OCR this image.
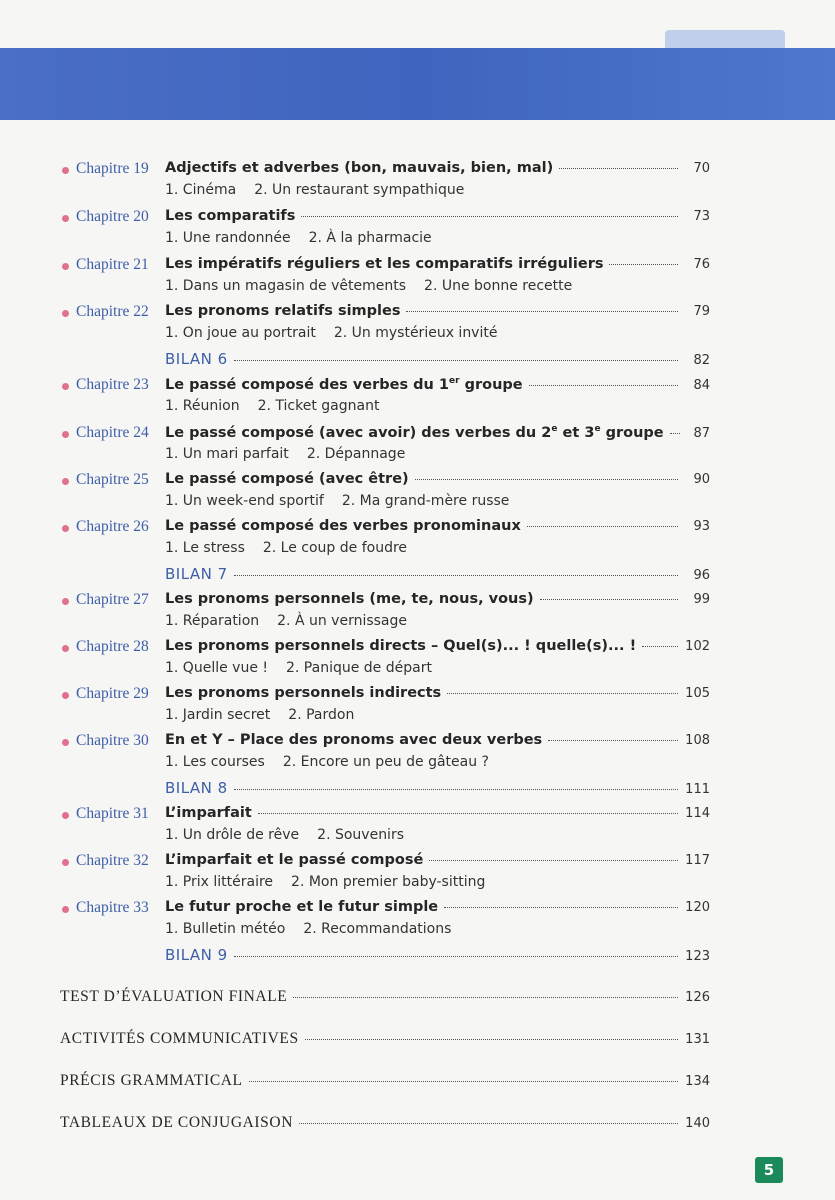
Chapitre 19 Adjectifs et adverbes (bon, mauvais, bien, mal)	70
1. Cinéma 2. Un restaurant sympathique
Chapitre 20 Les comparatifs	73
1. Une randonnée 2. À la pharmacie
Chapitre 21 Les impératifs réguliers et les comparatifs irréguliers	76
1. Dans un magasin de vêtements 2. Une bonne recette
Chapitre 22 Les pronoms relatifs simples	79
1. On joue au portrait 2. Un mystérieux invité
BILAN 6	82
Chapitre 23 Le passé composé des verbes du 1er groupe	84
1. Réunion 2. Ticket gagnant
Chapitre 24 Le passé composé (avec avoir) des verbes du 2e et 3e groupe	87
1. Un mari parfait 2. Dépannage
Chapitre 25 Le passé composé (avec être)	90
1. Un week-end sportif 2. Ma grand-mère russe
Chapitre 26 Le passé composé des verbes pronominaux	93
1. Le stress 2. Le coup de foudre
BILAN 7	96
Chapitre 27 Les pronoms personnels (me, te, nous, vous)	99
1. Réparation 2. À un vernissage
Chapitre 28 Les pronoms personnels directs – Quel(s)... ! quelle(s)... !	102
1. Quelle vue ! 2. Panique de départ
Chapitre 29 Les pronoms personnels indirects	105
1. Jardin secret 2. Pardon
Chapitre 30 En et Y – Place des pronoms avec deux verbes	108
1. Les courses 2. Encore un peu de gâteau ?
BILAN 8	111
Chapitre 31 L’imparfait	114
1. Un drôle de rêve 2. Souvenirs
Chapitre 32 L’imparfait et le passé composé	117
1. Prix littéraire 2. Mon premier baby-sitting
Chapitre 33 Le futur proche et le futur simple	120
1. Bulletin météo 2. Recommandations
BILAN 9	123
TEST D’ÉVALUATION FINALE	126
ACTIVITÉS COMMUNICATIVES	131
PRÉCIS GRAMMATICAL	134
TABLEAUX DE CONJUGAISON	140
5
